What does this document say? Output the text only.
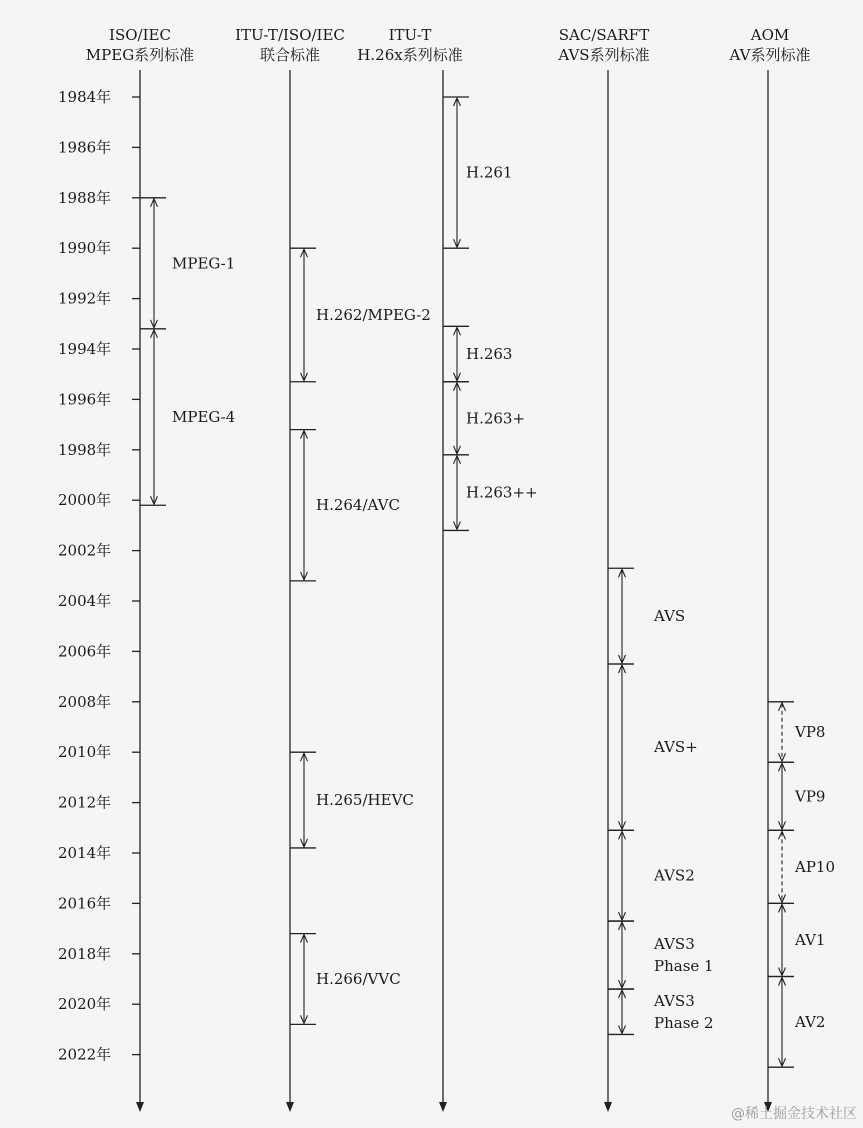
ISO/IEC
MPEG系列标准
ITU-T/ISO/IEC
联合标准
ITU-T
H.26x系列标准
SAC/SARFT
AVS系列标准
AOM
AV系列标准
1984年
1986年
1988年
1990年
1992年
1994年
1996年
1998年
2000年
2002年
2004年
2006年
2008年
2010年
2012年
2014年
2016年
2018年
2020年
2022年
MPEG-1
MPEG-4
H.262/MPEG-2
H.264/AVC
H.265/HEVC
H.266/VVC
H.261
H.263
H.263+
H.263++
AVS
AVS+
AVS2
AVS3
Phase 1
AVS3
Phase 2
VP8
VP9
AP10
AV1
AV2
@稀土掘金技术社区
